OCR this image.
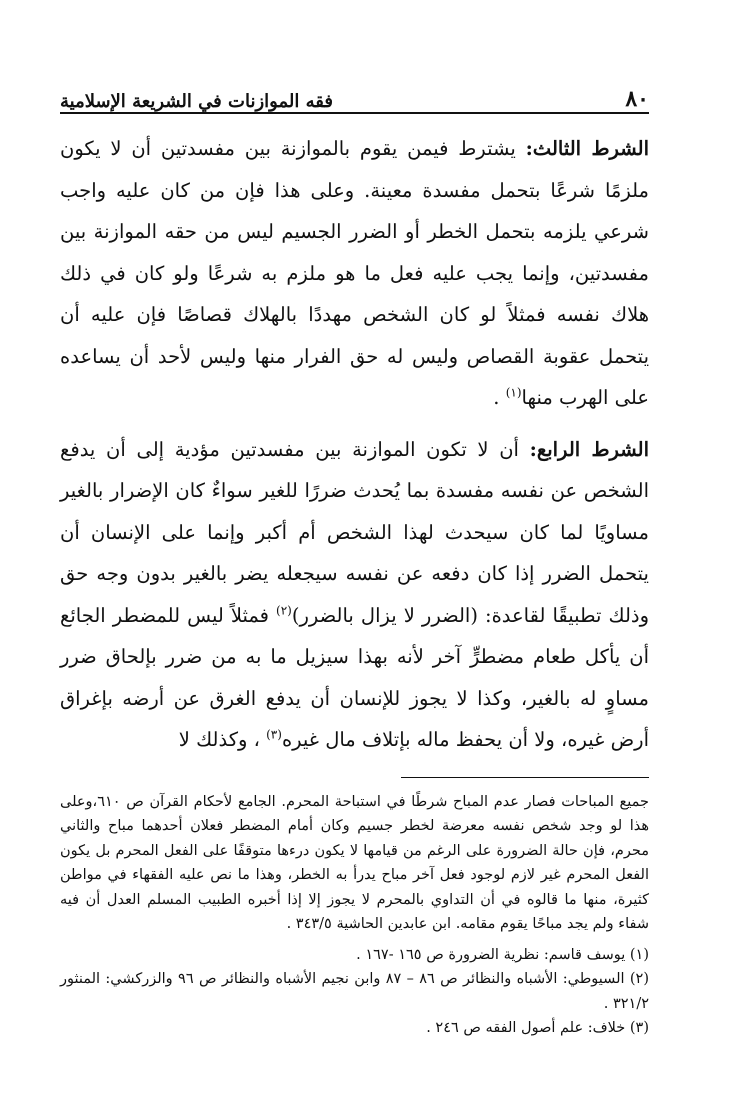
٨٠
فقه الموازنات في الشريعة الإسلامية

الشرط الثالث: يشترط فيمن يقوم بالموازنة بين مفسدتين أن لا يكون ملزمًا شرعًا بتحمل مفسدة معينة. وعلى هذا فإن من كان عليه واجب شرعي يلزمه بتحمل الخطر أو الضرر الجسيم ليس من حقه الموازنة بين مفسدتين، وإنما يجب عليه فعل ما هو ملزم به شرعًا ولو كان في ذلك هلاك نفسه فمثلاً لو كان الشخص مهددًا بالهلاك قصاصًا فإن عليه أن يتحمل عقوبة القصاص وليس له حق الفرار منها وليس لأحد أن يساعده على الهرب منها$^{(١)}$ .

الشرط الرابع: أن لا تكون الموازنة بين مفسدتين مؤدية إلى أن يدفع الشخص عن نفسه مفسدة بما يُحدث ضررًا للغير سواءٌ كان الإضرار بالغير مساويًا لما كان سيحدث لهذا الشخص أم أكبر وإنما على الإنسان أن يتحمل الضرر إذا كان دفعه عن نفسه سيجعله يضر بالغير بدون وجه حق وذلك تطبيقًا لقاعدة: (الضرر لا يزال بالضرر)$^{(٢)}$ فمثلاً ليس للمضطر الجائع أن يأكل طعام مضطرٍّ آخر لأنه بهذا سيزيل ما به من ضرر بإلحاق ضرر مساوٍ له بالغير، وكذا لا يجوز للإنسان أن يدفع الغرق عن أرضه بإغراق أرض غيره، ولا أن يحفظ ماله بإتلاف مال غيره$^{(٣)}$ ، وكذلك لا

جميع المباحات فصار عدم المباح شرطًا في استباحة المحرم. الجامع لأحكام القرآن ص ٦١٠،وعلى هذا لو وجد شخص نفسه معرضة لخطر جسيم وكان أمام المضطر فعلان أحدهما مباح والثاني محرم، فإن حالة الضرورة على الرغم من قيامها لا يكون درءها متوقفًا على الفعل المحرم بل يكون الفعل المحرم غير لازم لوجود فعل آخر مباح يدرأ به الخطر، وهذا ما نص عليه الفقهاء في مواطن كثيرة، منها ما قالوه في أن التداوي بالمحرم لا يجوز إلا إذا أخبره الطبيب المسلم العدل أن فيه شفاء ولم يجد مباحًا يقوم مقامه. ابن عابدين الحاشية ٣٤٣/٥ .

(١) يوسف قاسم: نظرية الضرورة ص ١٦٥ -١٦٧ .
(٢) السيوطي: الأشباه والنظائر ص ٨٦ – ٨٧ وابن نجيم الأشباه والنظائر ص ٩٦ والزركشي: المنثور ٣٢١/٢ .
(٣) خلاف: علم أصول الفقه ص ٢٤٦ .
